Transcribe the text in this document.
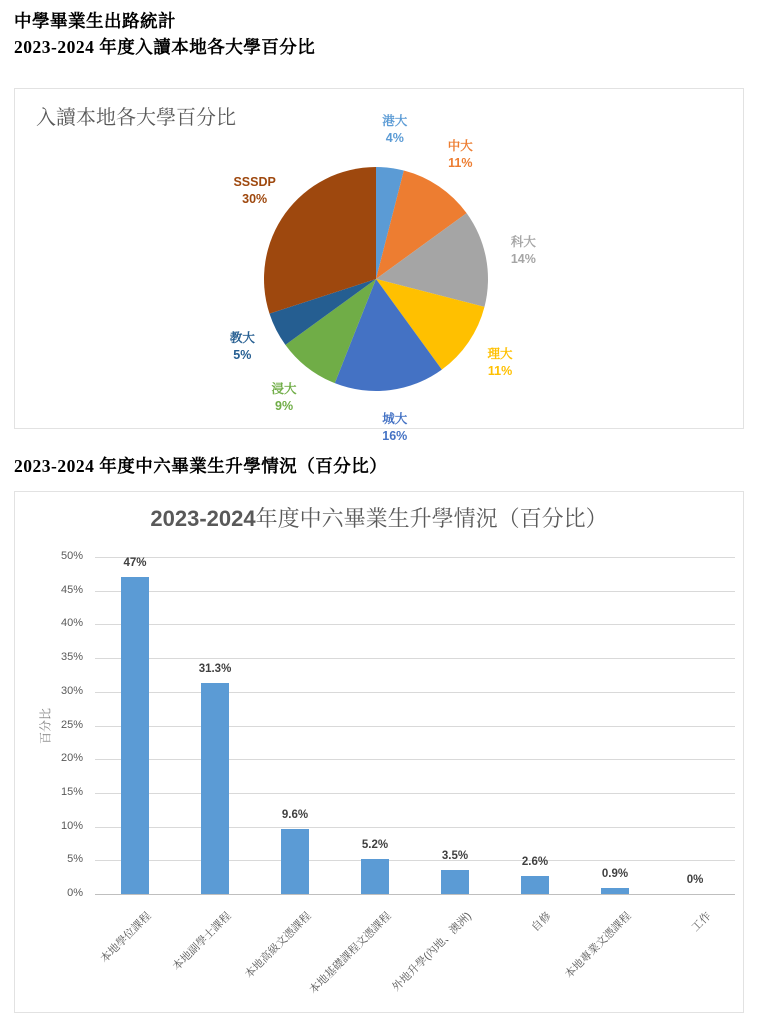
中學畢業生出路統計
2023-2024 年度入讀本地各大學百分比
入讀本地各大學百分比	港大
4%
中大
11%
科大
14%
理大
11%
城大
16%
浸大
9%
教大
5%
SSSDP
30%
2023-2024 年度中六畢業生升學情況（百分比）
2023-2024年度中六畢業生升學情況（百分比）
0%
5%
10%
15%
20%
25%
30%
35%
40%
45%
50%
百分比
47%
本地學位課程
31.3%
本地副學士課程
9.6%
本地高級文憑課程
5.2%
本地基礎課程文憑課程
3.5%
外地升學(內地、澳洲)
2.6%
自修
0.9%
本地專業文憑課程
0%
工作
